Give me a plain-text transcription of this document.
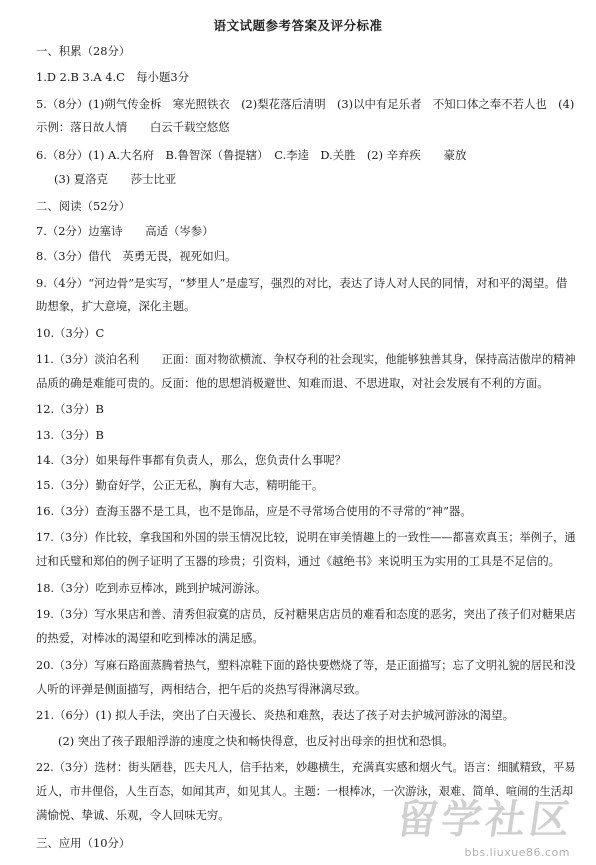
语文试题参考答案及评分标准
一、积累（28分）
1.D 2.B 3.A 4.C　每小题3分
5.（8分）(1)朔气传金柝　寒光照铁衣　(2)梨花落后清明　(3)以中有足乐者　不知口体之奉不若人也　(4)
示例：落日故人情　　白云千载空悠悠
6.（8分）(1) A.大名府　B.鲁智深（鲁提辖）　C.李逵　D.关胜　(2) 辛弃疾　　豪放
(3) 夏洛克　　莎士比亚
二、阅读（52分）
7.（2分）边塞诗　　高适（岑参）
8.（3分）借代　英勇无畏，视死如归。
9.（4分）“河边骨”是实写，“梦里人”是虚写，强烈的对比，表达了诗人对人民的同情，对和平的渴望。借
助想象，扩大意境，深化主题。
10.（3分）C
11.（3分）淡泊名利　　正面：面对物欲横流、争权夺利的社会现实，他能够独善其身，保持高洁傲岸的精神
品质的确是难能可贵的。反面：他的思想消极避世、知难而退、不思进取，对社会发展有不利的方面。
12.（3分）B
13.（3分）B
14.（3分）如果每件事都有负责人，那么，您负责什么事呢？
15.（3分）勤奋好学，公正无私，胸有大志，精明能干。
16.（3分）查海玉器不是工具，也不是饰品，应是不寻常场合使用的不寻常的“神”器。
17.（3分）作比较，拿我国和外国的崇玉情况比较，说明在审美情趣上的一致性——都喜欢真玉；举例子，通
过和氏璧和郑伯的例子证明了玉器的珍贵；引资料，通过《越绝书》来说明玉为实用的工具是不足信的。
18.（3分）吃到赤豆棒冰，跳到护城河游泳。
19.（3分）写水果店和善、清秀但寂寞的店员，反衬糖果店店员的难看和态度的恶劣，突出了孩子们对糖果店
的热爱，对棒冰的渴望和吃到棒冰的满足感。
20.（3分）写麻石路面蒸腾着热气，塑料凉鞋下面的路快要燃烧了等，是正面描写；忘了文明礼貌的居民和没
人听的评弹是侧面描写，两相结合，把午后的炎热写得淋漓尽致。
21.（6分）(1) 拟人手法，突出了白天漫长、炎热和难熬，表达了孩子对去护城河游泳的渴望。
(2) 突出了孩子跟船浮游的速度之快和畅快得意，也反衬出母亲的担忧和恐惧。
22.（3分）选材：街头陋巷，匹夫凡人，信手拈来，妙趣横生，充满真实感和烟火气。语言：细腻精致，平易
近人，市井俚俗，人生百态，如闻其声，如见其人。主题：一根棒冰，一次游泳，艰难、简单、喧闹的生活却
满愉悦、挚诚、乐观，令人回味无穷。
三、应用（10分）	留学社区
bbs.liuxue86.com
